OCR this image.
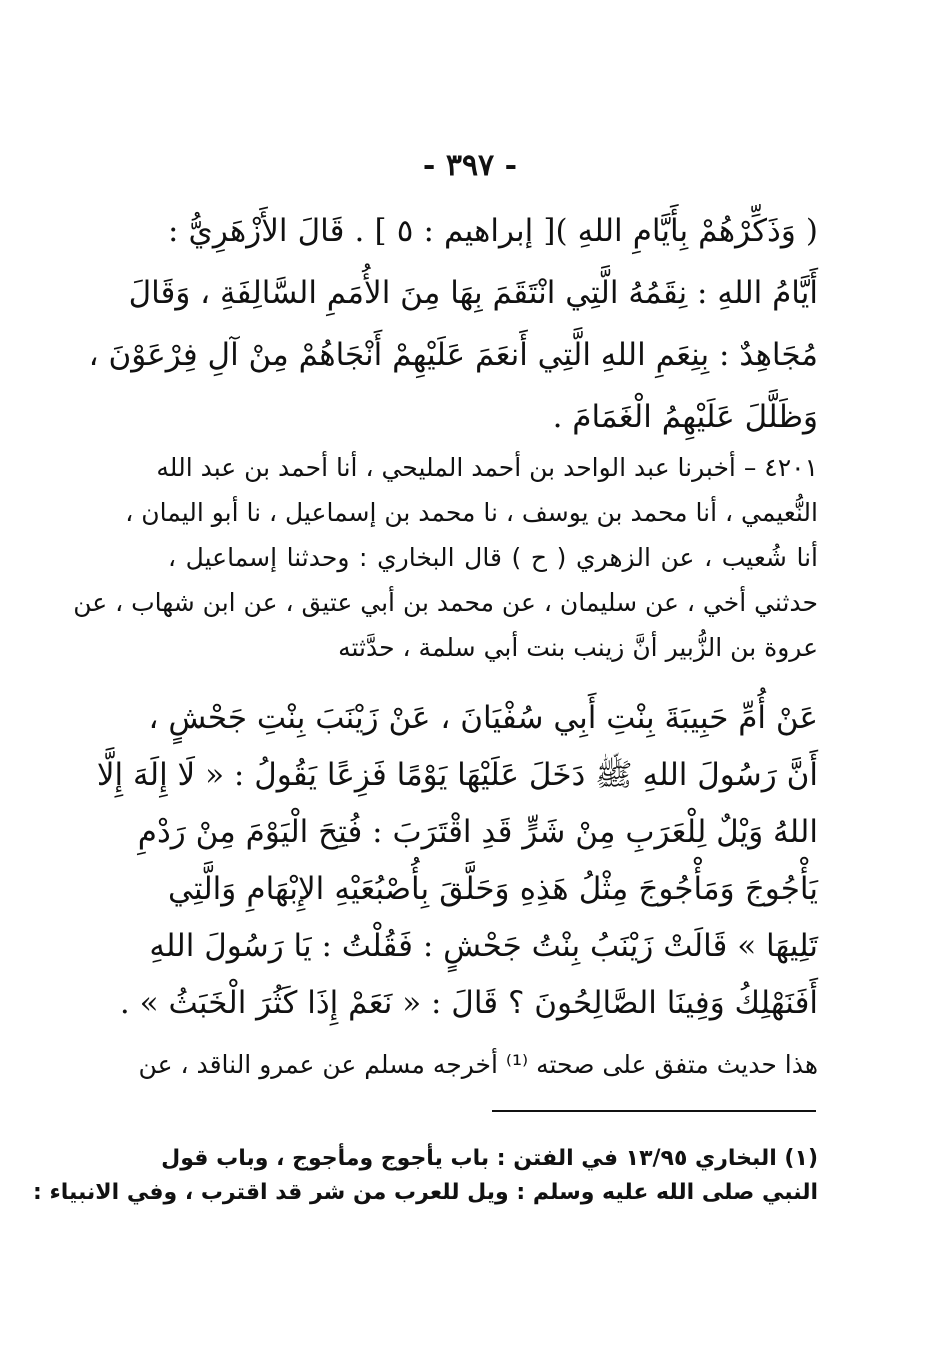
- ٣٩٧ -
( وَذَكِّرْهُمْ بِأَيَّامِ اللهِ )[ إبراهيم : ٥ ] . قَالَ الأَزْهَرِيُّ :
أَيَّامُ اللهِ : نِقَمُهُ الَّتِي انْتَقَمَ بِهَا مِنَ الأُمَمِ السَّالِفَةِ ، وَقَالَ
مُجَاهِدٌ : بِنِعَمِ اللهِ الَّتِي أَنعَمَ عَلَيْهِمْ أَنْجَاهُمْ مِنْ آلِ فِرْعَوْنَ ،
وَظَلَّلَ عَلَيْهِمُ الْغَمَامَ .
٤٢٠١ – أخبرنا عبد الواحد بن أحمد المليحي ، أنا أحمد بن عبد الله
النُّعيمي ، أنا محمد بن يوسف ، نا محمد بن إسماعيل ، نا أبو اليمان ،
أنا شُعيب ، عن الزهري ( ح ) قال البخاري : وحدثنا إسماعيل ،
حدثني أخي ، عن سليمان ، عن محمد بن أبي عتيق ، عن ابن شهاب ، عن
عروة بن الزُّبير أنَّ زينب بنت أبي سلمة ، حدَّثته
عَنْ أُمِّ حَبِيبَةَ بِنْتِ أَبِي سُفْيَانَ ، عَنْ زَيْنَبَ بِنْتِ جَحْشٍ ،
أَنَّ رَسُولَ اللهِ ﷺ دَخَلَ عَلَيْهَا يَوْمًا فَزِعًا يَقُولُ : « لَا إِلَهَ إِلَّا
اللهُ وَيْلٌ لِلْعَرَبِ مِنْ شَرٍّ قَدِ اقْتَرَبَ : فُتِحَ الْيَوْمَ مِنْ رَدْمِ
يَأْجُوجَ وَمَأْجُوجَ مِثْلُ هَذِهِ وَحَلَّقَ بِأُصْبُعَيْهِ الإِبْهَامِ وَالَّتِي
تَلِيهَا » قَالَتْ زَيْنَبُ بِنْتُ جَحْشٍ : فَقُلْتُ : يَا رَسُولَ اللهِ
أَفَنَهْلِكُ وَفِينَا الصَّالِحُونَ ؟ قَالَ : « نَعَمْ إِذَا كَثُرَ الْخَبَثُ » .
هذا حديث متفق على صحته ⁽¹⁾ أخرجه مسلم عن عمرو الناقد ، عن
(١) البخاري ١٣/٩٥ في الفتن : باب يأجوج ومأجوج ، وباب قول
النبي صلى الله عليه وسلم : ويل للعرب من شر قد اقترب ، وفي الانبياء :
